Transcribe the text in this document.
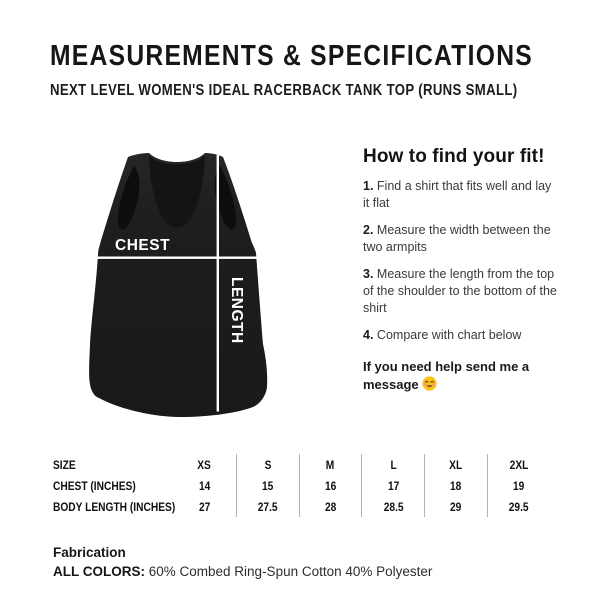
MEASUREMENTS & SPECIFICATIONS
NEXT LEVEL WOMEN'S IDEAL RACERBACK TANK TOP (RUNS SMALL)
CHEST
LENGTH
How to find your fit!

1. Find a shirt that fits well and lay it flat

2. Measure the width between the two armpits

3. Measure the length from the top of the shoulder to the bottom of the shirt

4. Compare with chart below

If you need help send me a message

SIZE	XS	S	M	L	XL	2XL
CHEST (INCHES)	14	15	16	17	18	19
BODY LENGTH (INCHES) 27	27.5	28	28.5	29	29.5
Fabrication
ALL COLORS: 60% Combed Ring-Spun Cotton 40% Polyester
